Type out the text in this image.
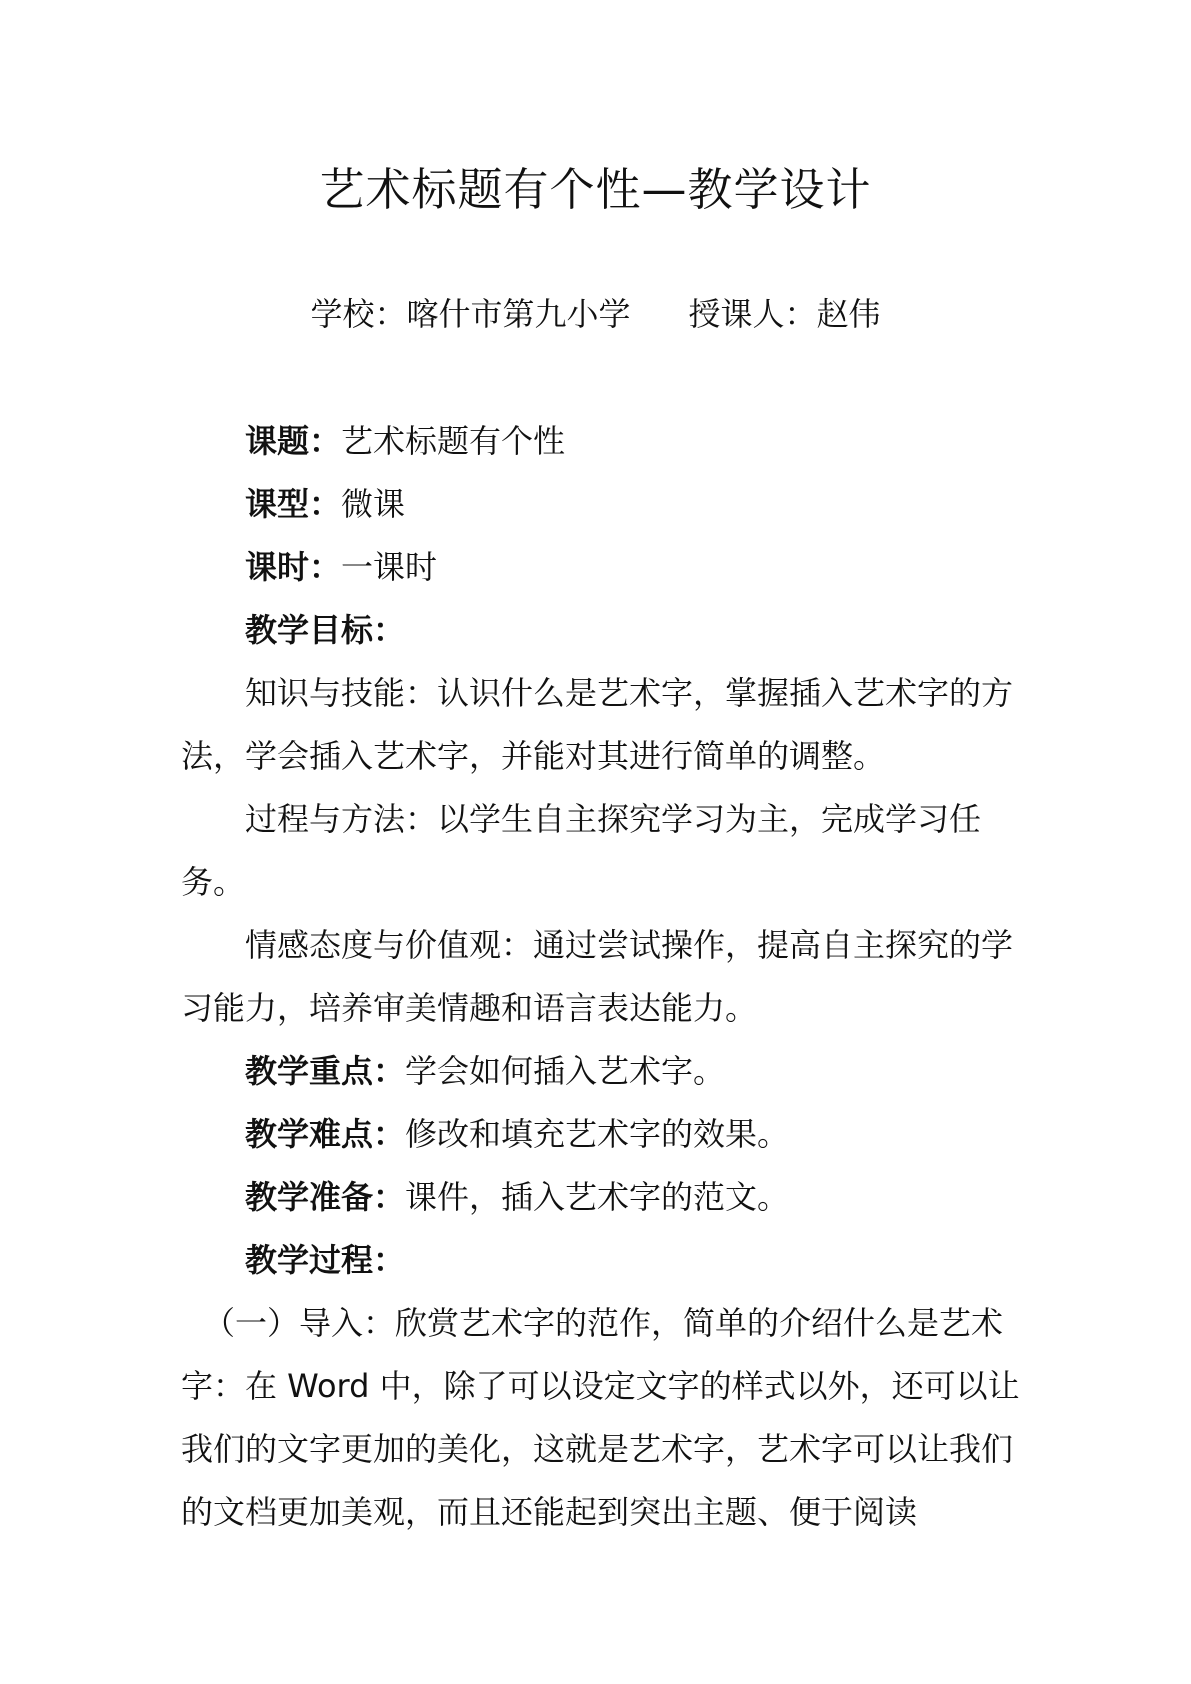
艺术标题有个性—教学设计
学校：喀什市第九小学 授课人：赵伟

课题：艺术标题有个性

课型：微课

课时：一课时

教学目标：

知识与技能：认识什么是艺术字，掌握插入艺术字的方法，学会插入艺术字，并能对其进行简单的调整。

过程与方法：以学生自主探究学习为主，完成学习任务。

情感态度与价值观：通过尝试操作，提高自主探究的学习能力，培养审美情趣和语言表达能力。

教学重点：学会如何插入艺术字。

教学难点：修改和填充艺术字的效果。

教学准备：课件，插入艺术字的范文。

教学过程：

（一）导入：欣赏艺术字的范作，简单的介绍什么是艺术字：在 Word 中，除了可以设定文字的样式以外，还可以让我们的文字更加的美化，这就是艺术字，艺术字可以让我们的文档更加美观，而且还能起到突出主题、便于阅读
